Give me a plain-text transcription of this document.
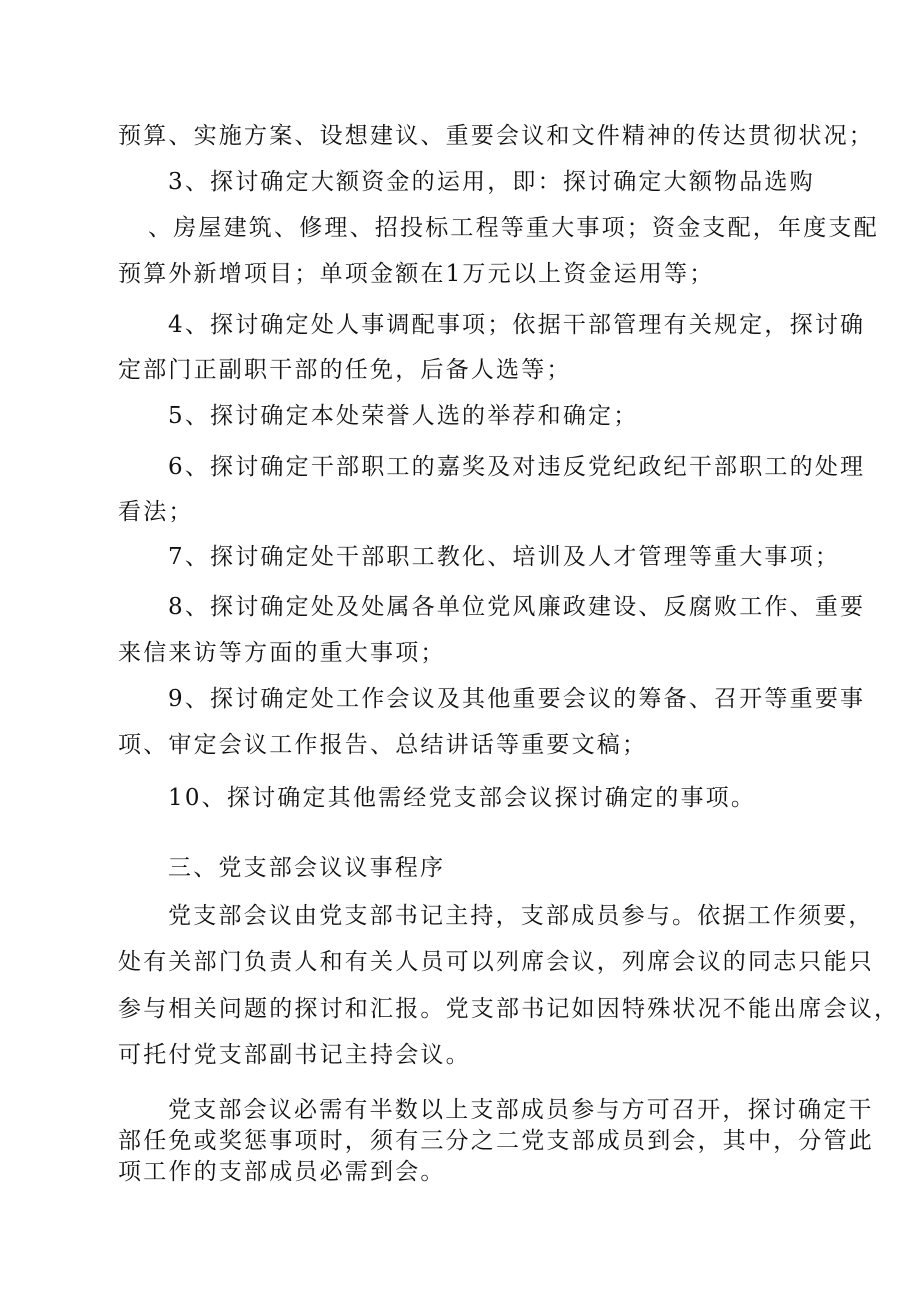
预算、实施方案、设想建议、重要会议和文件精神的传达贯彻状况；
3、探讨确定大额资金的运用，即：探讨确定大额物品选购
、房屋建筑、修理、招投标工程等重大事项；资金支配，年度支配
预算外新增项目；单项金额在1万元以上资金运用等；
4、探讨确定处人事调配事项；依据干部管理有关规定，探讨确
定部门正副职干部的任免，后备人选等；
5、探讨确定本处荣誉人选的举荐和确定；
6、探讨确定干部职工的嘉奖及对违反党纪政纪干部职工的处理
看法；
7、探讨确定处干部职工教化、培训及人才管理等重大事项；
8、探讨确定处及处属各单位党风廉政建设、反腐败工作、重要
来信来访等方面的重大事项；
9、探讨确定处工作会议及其他重要会议的筹备、召开等重要事
项、审定会议工作报告、总结讲话等重要文稿；
10、探讨确定其他需经党支部会议探讨确定的事项。
三、党支部会议议事程序
党支部会议由党支部书记主持，支部成员参与。依据工作须要，
处有关部门负责人和有关人员可以列席会议，列席会议的同志只能只
参与相关问题的探讨和汇报。党支部书记如因特殊状况不能出席会议，
可托付党支部副书记主持会议。
党支部会议必需有半数以上支部成员参与方可召开，探讨确定干
部任免或奖惩事项时，须有三分之二党支部成员到会，其中，分管此
项工作的支部成员必需到会。
